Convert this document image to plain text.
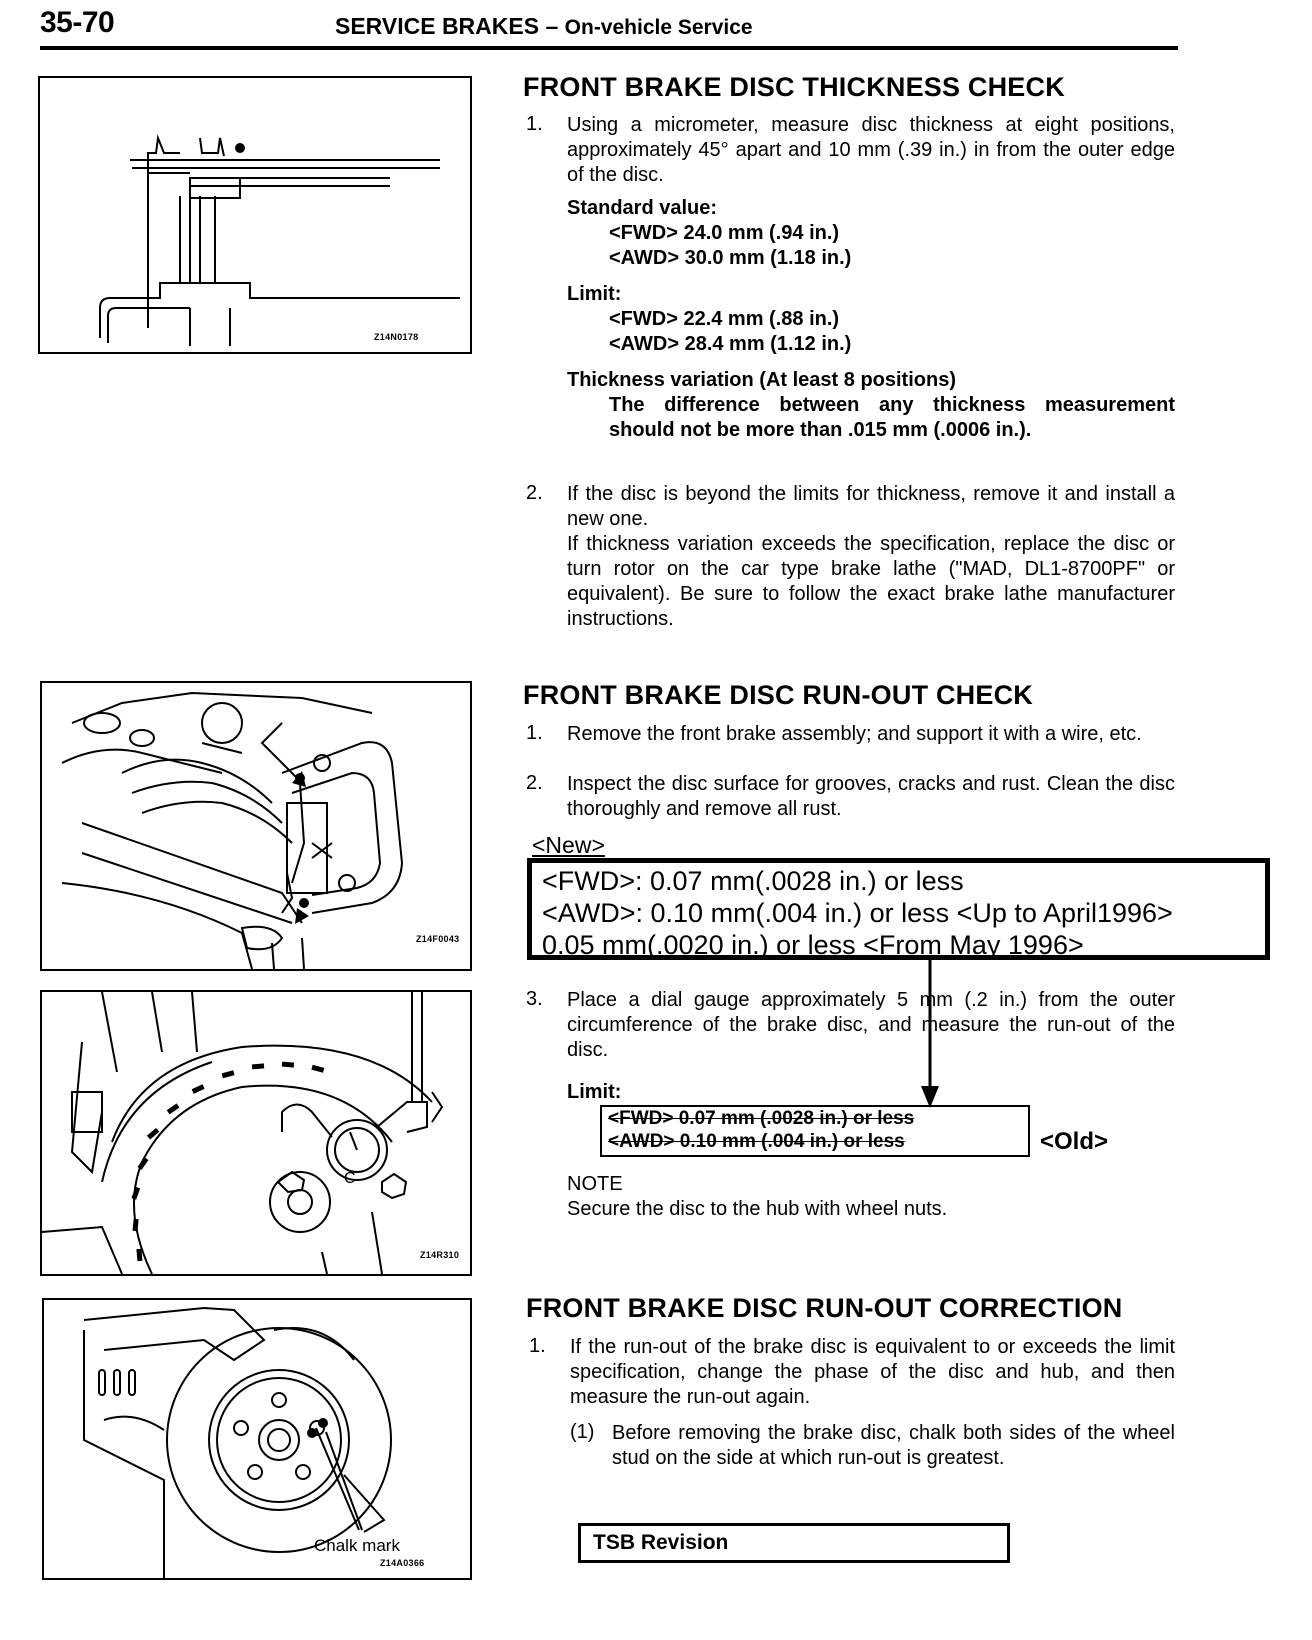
35-70	SERVICE BRAKES – On-vehicle Service
Z14N0178
Z14F0043
C
Z14R310
Chalk mark
Z14A0366
FRONT BRAKE DISC THICKNESS CHECK
1. Using a micrometer, measure disc thickness at eight positions, approximately 45° apart and 10 mm (.39 in.) in from the outer edge of the disc.
Standard value:
<FWD> 24.0 mm (.94 in.)
<AWD> 30.0 mm (1.18 in.)
Limit:
<FWD> 22.4 mm (.88 in.)
<AWD> 28.4 mm (1.12 in.)
Thickness variation (At least 8 positions)
The difference between any thickness measurement should not be more than .015 mm (.0006 in.).
2. If the disc is beyond the limits for thickness, remove it and install a new one.
If thickness variation exceeds the specification, replace the disc or turn rotor on the car type brake lathe ("MAD, DL1-8700PF" or equivalent). Be sure to follow the exact brake lathe manufacturer instructions.
FRONT BRAKE DISC RUN-OUT CHECK
1. Remove the front brake assembly; and support it with a wire, etc.
2. Inspect the disc surface for grooves, cracks and rust. Clean the disc thoroughly and remove all rust.
<New>
<FWD>: 0.07 mm(.0028 in.) or less
<AWD>: 0.10 mm(.004 in.) or less <Up to April1996>
0.05 mm(.0020 in.) or less <From May 1996>
3. Place a dial gauge approximately 5 mm (.2 in.) from the outer circumference of the brake disc, and measure the run-out of the disc.
Limit:
<FWD> 0.07 mm (.0028 in.) or less
<AWD> 0.10 mm (.004 in.) or less	<Old>
NOTE
Secure the disc to the hub with wheel nuts.
FRONT BRAKE DISC RUN-OUT CORRECTION
1. If the run-out of the brake disc is equivalent to or exceeds the limit specification, change the phase of the disc and hub, and then measure the run-out again.
(1) Before removing the brake disc, chalk both sides of the wheel stud on the side at which run-out is greatest.
TSB Revision
